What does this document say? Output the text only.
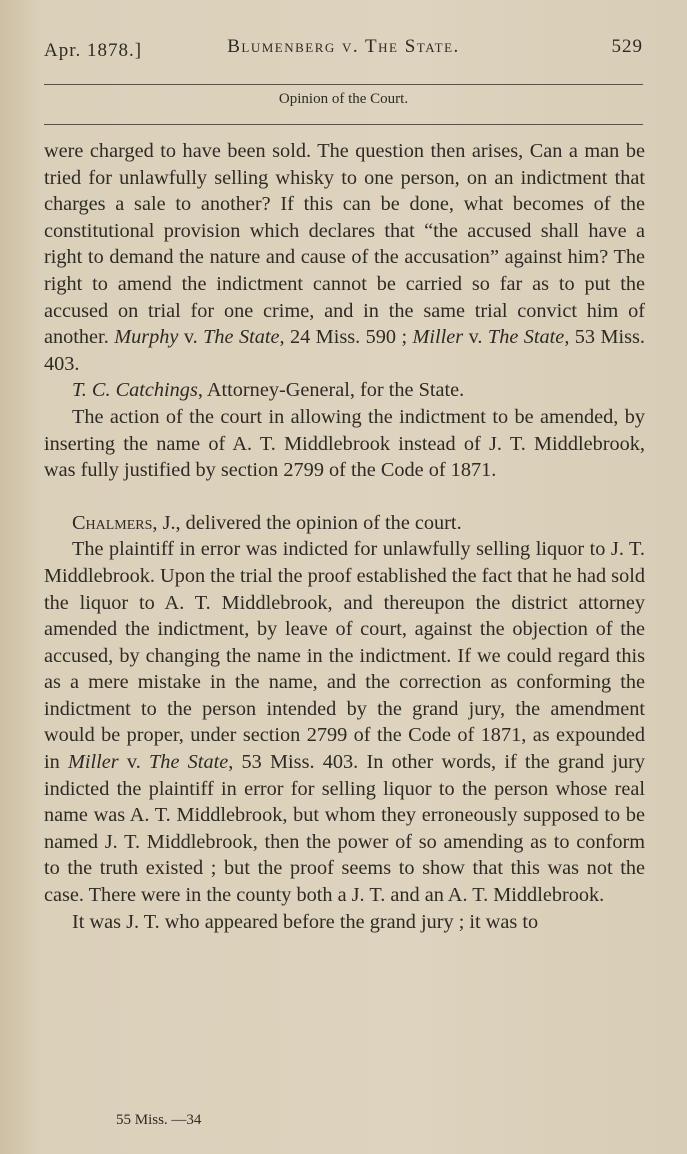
Apr. 1878.]	Blumenberg v. The State.	529
Opinion of the Court.

were charged to have been sold. The question then arises, Can a man be tried for unlawfully selling whisky to one person, on an indictment that charges a sale to another? If this can be done, what becomes of the constitutional provision which declares that “the accused shall have a right to demand the nature and cause of the accusation” against him? The right to amend the indictment cannot be carried so far as to put the accused on trial for one crime, and in the same trial convict him of another. Murphy v. The State, 24 Miss. 590 ; Miller v. The State, 53 Miss. 403.

T. C. Catchings, Attorney-General, for the State.

The action of the court in allowing the indictment to be amended, by inserting the name of A. T. Middlebrook instead of J. T. Middlebrook, was fully justified by section 2799 of the Code of 1871.

Chalmers, J., delivered the opinion of the court.

The plaintiff in error was indicted for unlawfully selling liquor to J. T. Middlebrook. Upon the trial the proof established the fact that he had sold the liquor to A. T. Middlebrook, and thereupon the district attorney amended the indictment, by leave of court, against the objection of the accused, by changing the name in the indictment. If we could regard this as a mere mistake in the name, and the correction as conforming the indictment to the person intended by the grand jury, the amendment would be proper, under section 2799 of the Code of 1871, as expounded in Miller v. The State, 53 Miss. 403. In other words, if the grand jury indicted the plaintiff in error for selling liquor to the person whose real name was A. T. Middlebrook, but whom they erroneously supposed to be named J. T. Middlebrook, then the power of so amending as to conform to the truth existed ; but the proof seems to show that this was not the case. There were in the county both a J. T. and an A. T. Middlebrook.

It was J. T. who appeared before the grand jury ; it was to

55 Miss. —34
